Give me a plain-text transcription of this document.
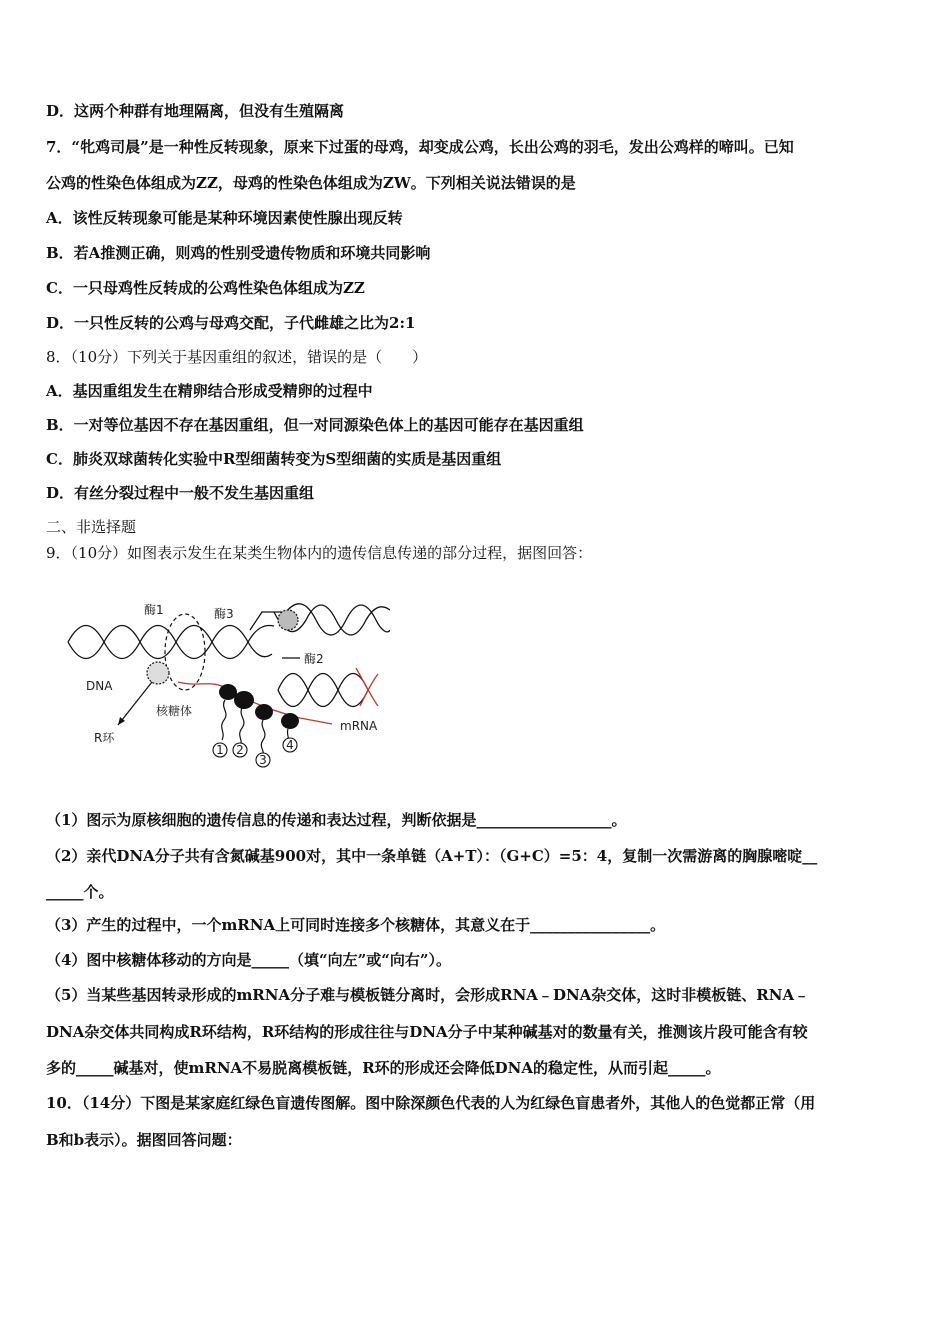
D．这两个种群有地理隔离，但没有生殖隔离
7．“牝鸡司晨”是一种性反转现象，原来下过蛋的母鸡，却变成公鸡，长出公鸡的羽毛，发出公鸡样的啼叫。已知
公鸡的性染色体组成为ZZ，母鸡的性染色体组成为ZW。下列相关说法错误的是
A．该性反转现象可能是某种环境因素使性腺出现反转
B．若A推测正确，则鸡的性别受遗传物质和环境共同影响
C．一只母鸡性反转成的公鸡性染色体组成为ZZ
D．一只性反转的公鸡与母鸡交配，子代雌雄之比为2:1
8．（10分）下列关于基因重组的叙述，错误的是（　　）
A．基因重组发生在精卵结合形成受精卵的过程中
B．一对等位基因不存在基因重组，但一对同源染色体上的基因可能存在基因重组
C．肺炎双球菌转化实验中R型细菌转变为S型细菌的实质是基因重组
D．有丝分裂过程中一般不发生基因重组
二、非选择题
9．（10分）如图表示发生在某类生物体内的遗传信息传递的部分过程，据图回答：
1 2
3
4
酶1	酶3
酶2
DNA
核糖体
R环
mRNA
（1）图示为原核细胞的遗传信息的传递和表达过程，判断依据是__________________。
（2）亲代DNA分子共有含氮碱基900对，其中一条单链（A+T）：（G+C）=5：4，复制一次需游离的胸腺嘧啶__
_____个。
（3）产生的过程中，一个mRNA上可同时连接多个核糖体，其意义在于________________。
（4）图中核糖体移动的方向是_____（填“向左”或“向右”）。
（5）当某些基因转录形成的mRNA分子难与模板链分离时，会形成RNA﹣DNA杂交体，这时非模板链、RNA﹣
DNA杂交体共同构成R环结构，R环结构的形成往往与DNA分子中某种碱基对的数量有关，推测该片段可能含有较
多的_____碱基对，使mRNA不易脱离模板链，R环的形成还会降低DNA的稳定性，从而引起_____。
10．（14分）下图是某家庭红绿色盲遗传图解。图中除深颜色代表的人为红绿色盲患者外，其他人的色觉都正常（用
B和b表示）。据图回答问题：
